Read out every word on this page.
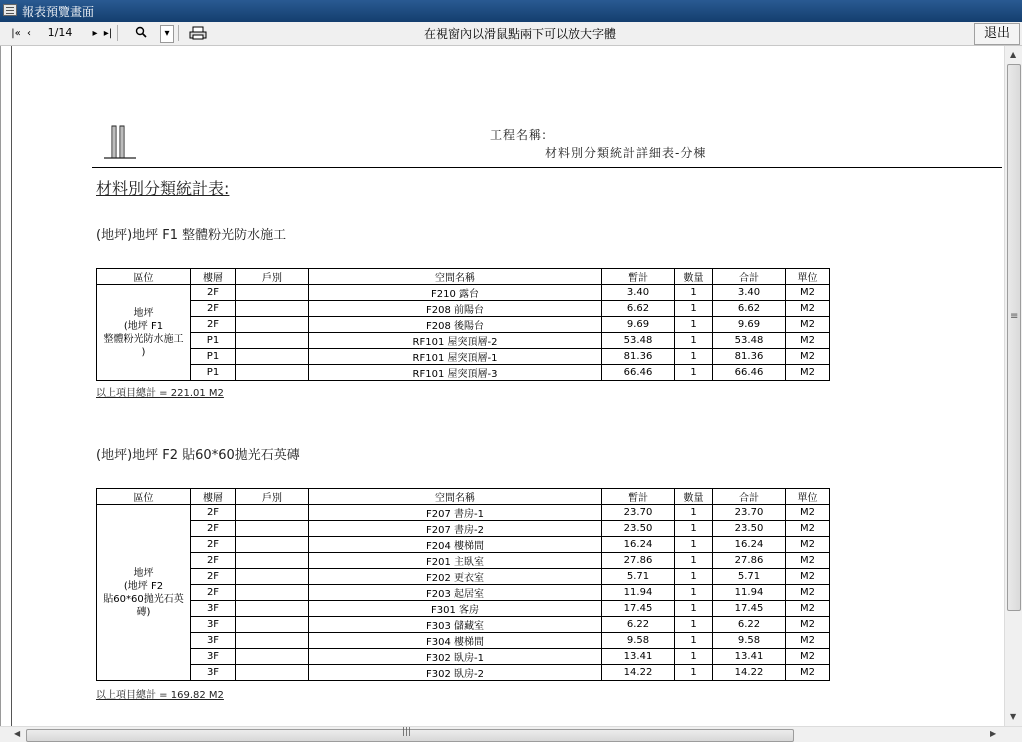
報表預覽畫面
|« ‹	1/14	▸ ▸|	▾	在視窗內以滑鼠點兩下可以放大字體	退出
工程名稱:
材料別分類統計詳細表-分棟
材料別分類統計表:
(地坪)地坪 F1 整體粉光防水施工
區位	樓層	戶別	空間名稱	暫計	數量	合計	單位

地坪
(地坪 F1
整體粉光防水施工
)	2F		F210 露台	3.40	1	3.40	M2
	2F		F208 前陽台	6.62	1	6.62	M2
	2F		F208 後陽台	9.69	1	9.69	M2
	P1		RF101 屋突頂層-2	53.48	1	53.48	M2
	P1		RF101 屋突頂層-1	81.36	1	81.36	M2
	P1		RF101 屋突頂層-3	66.46	1	66.46	M2
以上項目總計 = 221.01 M2
(地坪)地坪 F2 貼60*60拋光石英磚
區位	樓層	戶別	空間名稱	暫計	數量	合計	單位

地坪
(地坪 F2
貼60*60拋光石英
磚)	2F		F207 書房-1	23.70	1	23.70	M2
	2F		F207 書房-2	23.50	1	23.50	M2
	2F		F204 樓梯間	16.24	1	16.24	M2
	2F		F201 主臥室	27.86	1	27.86	M2
	2F		F202 更衣室	5.71	1	5.71	M2
	2F		F203 起居室	11.94	1	11.94	M2
	3F		F301 客房	17.45	1	17.45	M2
	3F		F303 儲藏室	6.22	1	6.22	M2
	3F		F304 樓梯間	9.58	1	9.58	M2
	3F		F302 臥房-1	13.41	1	13.41	M2
	3F		F302 臥房-2	14.22	1	14.22	M2
以上項目總計 = 169.82 M2
▲
≡
▼
◀	|||	▶
